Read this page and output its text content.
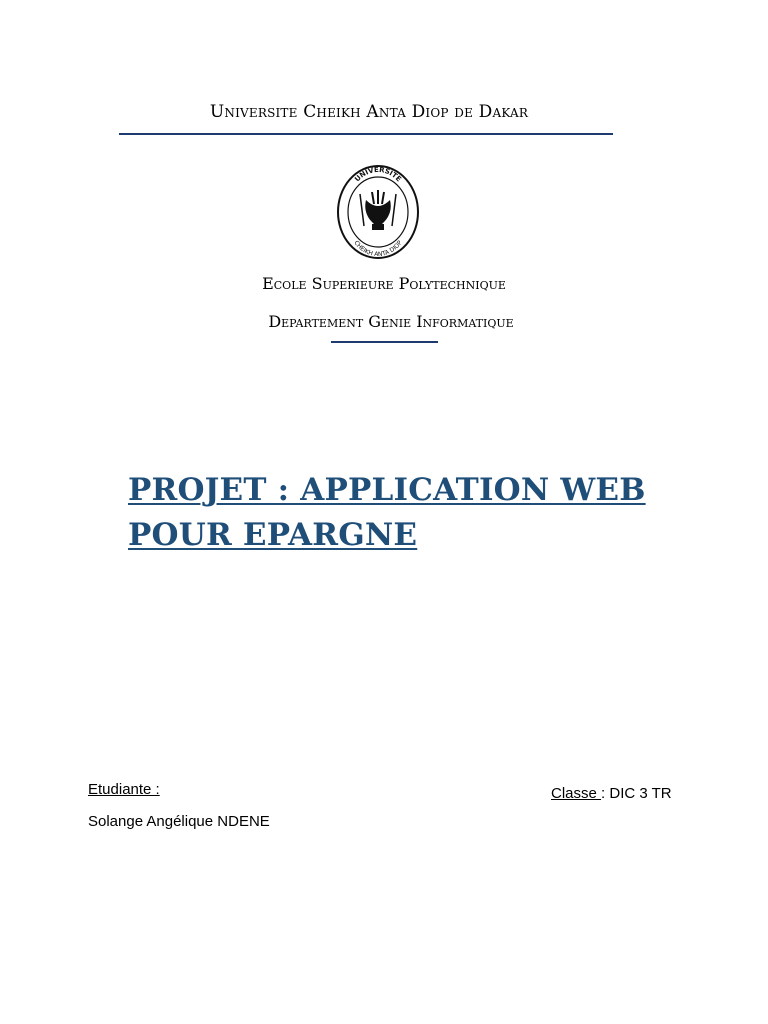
Universite Cheikh Anta Diop de Dakar
UNIVERSITE
CHEIKH ANTA DIOP
Ecole Superieure Polytechnique
Departement Genie Informatique
PROJET : APPLICATION WEB POUR EPARGNE
Etudiante :
Solange Angélique NDENE
Classe : DIC 3 TR
